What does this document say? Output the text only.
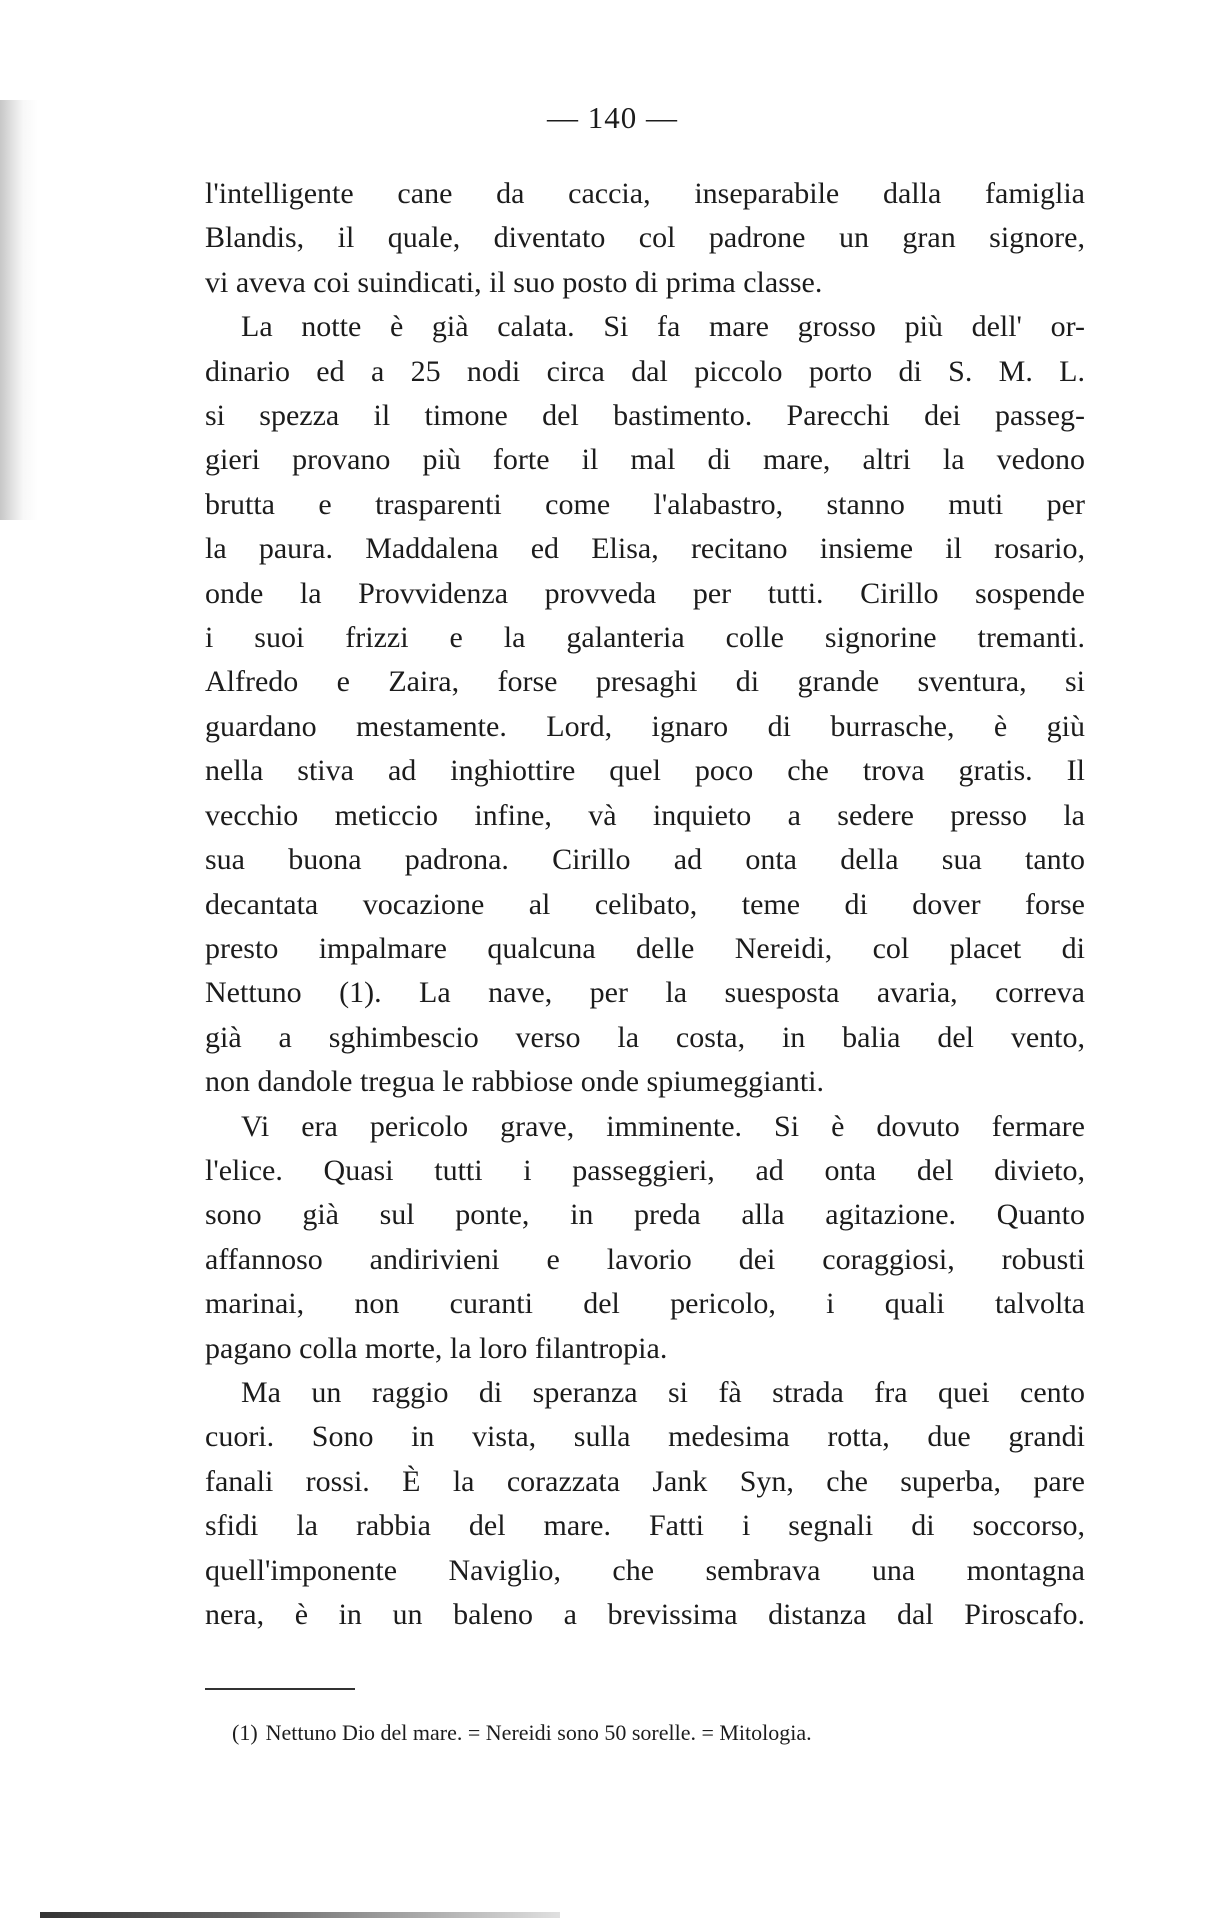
— 140 —

l'intelligente cane da caccia, inseparabile dalla famiglia
Blandis, il quale, diventato col padrone un gran signore,
vi aveva coi suindicati, il suo posto di prima classe.

La notte è già calata. Si fa mare grosso più dell' or-
dinario ed a 25 nodi circa dal piccolo porto di S. M. L.
si spezza il timone del bastimento. Parecchi dei passeg-
gieri provano più forte il mal di mare, altri la vedono
brutta e trasparenti come l'alabastro, stanno muti per
la paura. Maddalena ed Elisa, recitano insieme il rosario,
onde la Provvidenza provveda per tutti. Cirillo sospende
i suoi frizzi e la galanteria colle signorine tremanti.
Alfredo e Zaira, forse presaghi di grande sventura, si
guardano mestamente. Lord, ignaro di burrasche, è giù
nella stiva ad inghiottire quel poco che trova gratis. Il
vecchio meticcio infine, và inquieto a sedere presso la
sua buona padrona. Cirillo ad onta della sua tanto
decantata vocazione al celibato, teme di dover forse
presto impalmare qualcuna delle Nereidi, col placet di
Nettuno (1). La nave, per la suesposta avaria, correva
già a sghimbescio verso la costa, in balia del vento,
non dandole tregua le rabbiose onde spiumeggianti.

Vi era pericolo grave, imminente. Si è dovuto fermare
l'elice. Quasi tutti i passeggieri, ad onta del divieto,
sono già sul ponte, in preda alla agitazione. Quanto
affannoso andirivieni e lavorio dei coraggiosi, robusti
marinai, non curanti del pericolo, i quali talvolta
pagano colla morte, la loro filantropia.

Ma un raggio di speranza si fà strada fra quei cento
cuori. Sono in vista, sulla medesima rotta, due grandi
fanali rossi. È la corazzata Jank Syn, che superba, pare
sfidi la rabbia del mare. Fatti i segnali di soccorso,
quell'imponente Naviglio, che sembrava una montagna
nera, è in un baleno a brevissima distanza dal Piroscafo.

(1) Nettuno Dio del mare. = Nereidi sono 50 sorelle. = Mitologia.
